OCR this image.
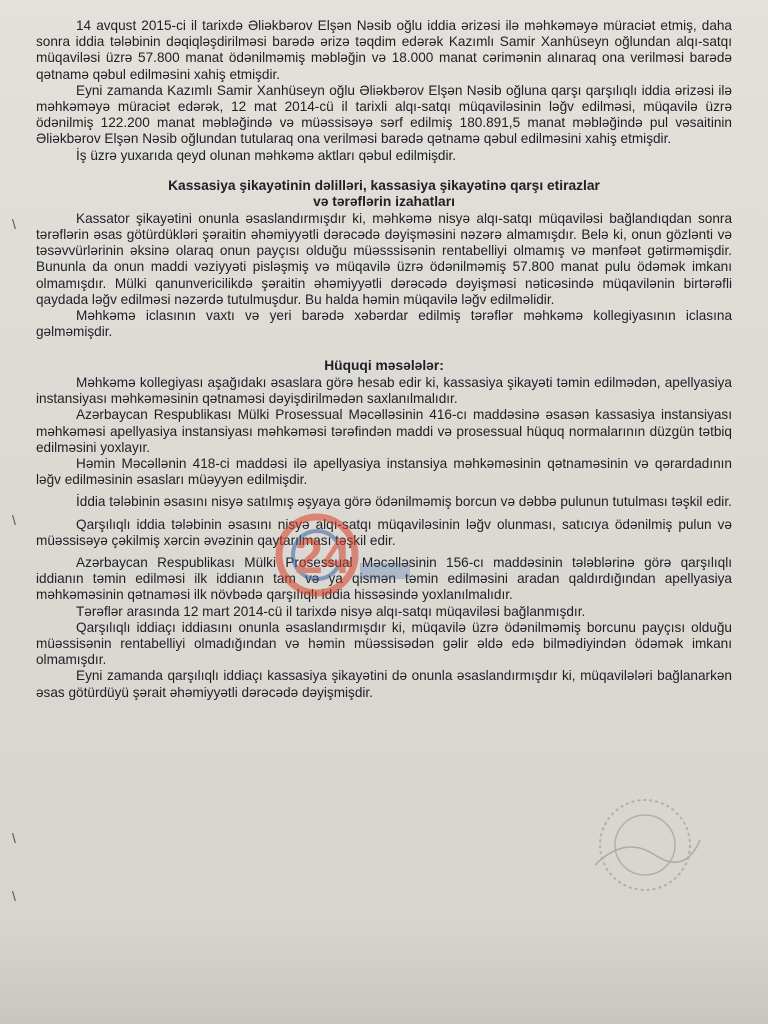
14 avqust 2015-ci il tarixdə Əliəkbərov Elşən Nəsib oğlu iddia ərizəsi ilə məhkəməyə müraciət etmiş, daha sonra iddia tələbinin dəqiqləşdirilməsi barədə ərizə təqdim edərək Kazımlı Samir Xanhüseyn oğlundan alqı-satqı müqaviləsi üzrə 57.800 manat ödənilməmiş məbləğin və 18.000 manat cərimənin alınaraq ona verilməsi barədə qətnamə qəbul edilməsini xahiş etmişdir.

Eyni zamanda Kazımlı Samir Xanhüseyn oğlu Əliəkbərov Elşən Nəsib oğluna qarşı qarşılıqlı iddia ərizəsi ilə məhkəməyə müraciət edərək, 12 mat 2014-cü il tarixli alqı-satqı müqaviləsinin ləğv edilməsi, müqavilə üzrə ödənilmiş 122.200 manat məbləğində və müəssisəyə sərf edilmiş 180.891,5 manat məbləğində pul vəsaitinin Əliəkbərov Elşən Nəsib oğlundan tutularaq ona verilməsi barədə qətnamə qəbul edilməsini xahiş etmişdir.

İş üzrə yuxarıda qeyd olunan məhkəmə aktları qəbul edilmişdir.

Kassasiya şikayətinin dəlilləri, kassasiya şikayətinə qarşı etirazlar

və tərəflərin izahatları

Kassator şikayətini onunla əsaslandırmışdır ki, məhkəmə nisyə alqı-satqı müqaviləsi bağlandıqdan sonra tərəflərin əsas götürdükləri şəraitin əhəmiyyətli dərəcədə dəyişməsini nəzərə almamışdır. Belə ki, onun gözlənti və təsəvvürlərinin əksinə olaraq onun payçısı olduğu müəsssisənin rentabelliyi olmamış və mənfəət gətirməmişdir. Bununla da onun maddi vəziyyəti pisləşmiş və müqavilə üzrə ödənilməmiş 57.800 manat pulu ödəmək imkanı olmamışdır. Mülki qanunvericilikdə şəraitin əhəmiyyətli dərəcədə dəyişməsi nəticəsində müqavilənin birtərəfli qaydada ləğv edilməsi nəzərdə tutulmuşdur. Bu halda həmin müqavilə ləğv edilməlidir.

Məhkəmə iclasının vaxtı və yeri barədə xəbərdar edilmiş tərəflər məhkəmə kollegiyasının iclasına gəlməmişdir.

Hüquqi məsələlər:

Məhkəmə kollegiyası aşağıdakı əsaslara görə hesab edir ki, kassasiya şikayəti təmin edilmədən, apellyasiya instansiyası məhkəməsinin qətnaməsi dəyişdirilmədən saxlanılmalıdır.

Azərbaycan Respublikası Mülki Prosessual Məcəlləsinin 416-cı maddəsinə əsasən kassasiya instansiyası məhkəməsi apellyasiya instansiyası məhkəməsi tərəfindən maddi və prosessual hüquq normalarının düzgün tətbiq edilməsini yoxlayır.

Həmin Məcəllənin 418-ci maddəsi ilə apellyasiya instansiya məhkəməsinin qətnaməsinin və qərardadının ləğv edilməsinin əsasları müəyyən edilmişdir.

İddia tələbinin əsasını nisyə satılmış əşyaya görə ödənilməmiş borcun və dəbbə pulunun tutulması təşkil edir.

Qarşılıqlı iddia tələbinin əsasını nisyə alqı-satqı müqaviləsinin ləğv olunması, satıcıya ödənilmiş pulun və müəssisəyə çəkilmiş xərcin əvəzinin qaytarılması təşkil edir.

Azərbaycan Respublikası Mülki Prosessual Məcəlləsinin 156-cı maddəsinin tələblərinə görə qarşılıqlı iddianın təmin edilməsi ilk iddianın tam və ya qismən təmin edilməsini aradan qaldırdığından apellyasiya məhkəməsinin qətnaməsi ilk növbədə qarşılıqlı iddia hissəsində yoxlanılmalıdır.

Tərəflər arasında 12 mart 2014-cü il tarixdə nisyə alqı-satqı müqaviləsi bağlanmışdır.

Qarşılıqlı iddiaçı iddiasını onunla əsaslandırmışdır ki, müqavilə üzrə ödənilməmiş borcunu payçısı olduğu müəssisənin rentabelliyi olmadığından və həmin müəssisədən gəlir əldə edə bilmədiyindən ödəmək imkanı olmamışdır.

Eyni zamanda qarşılıqlı iddiaçı kassasiya şikayətini də onunla əsaslandırmışdır ki, müqavilələri bağlanarkən əsas götürdüyü şərait əhəmiyyətli dərəcədə dəyişmişdir.

\
\
\
\
24
